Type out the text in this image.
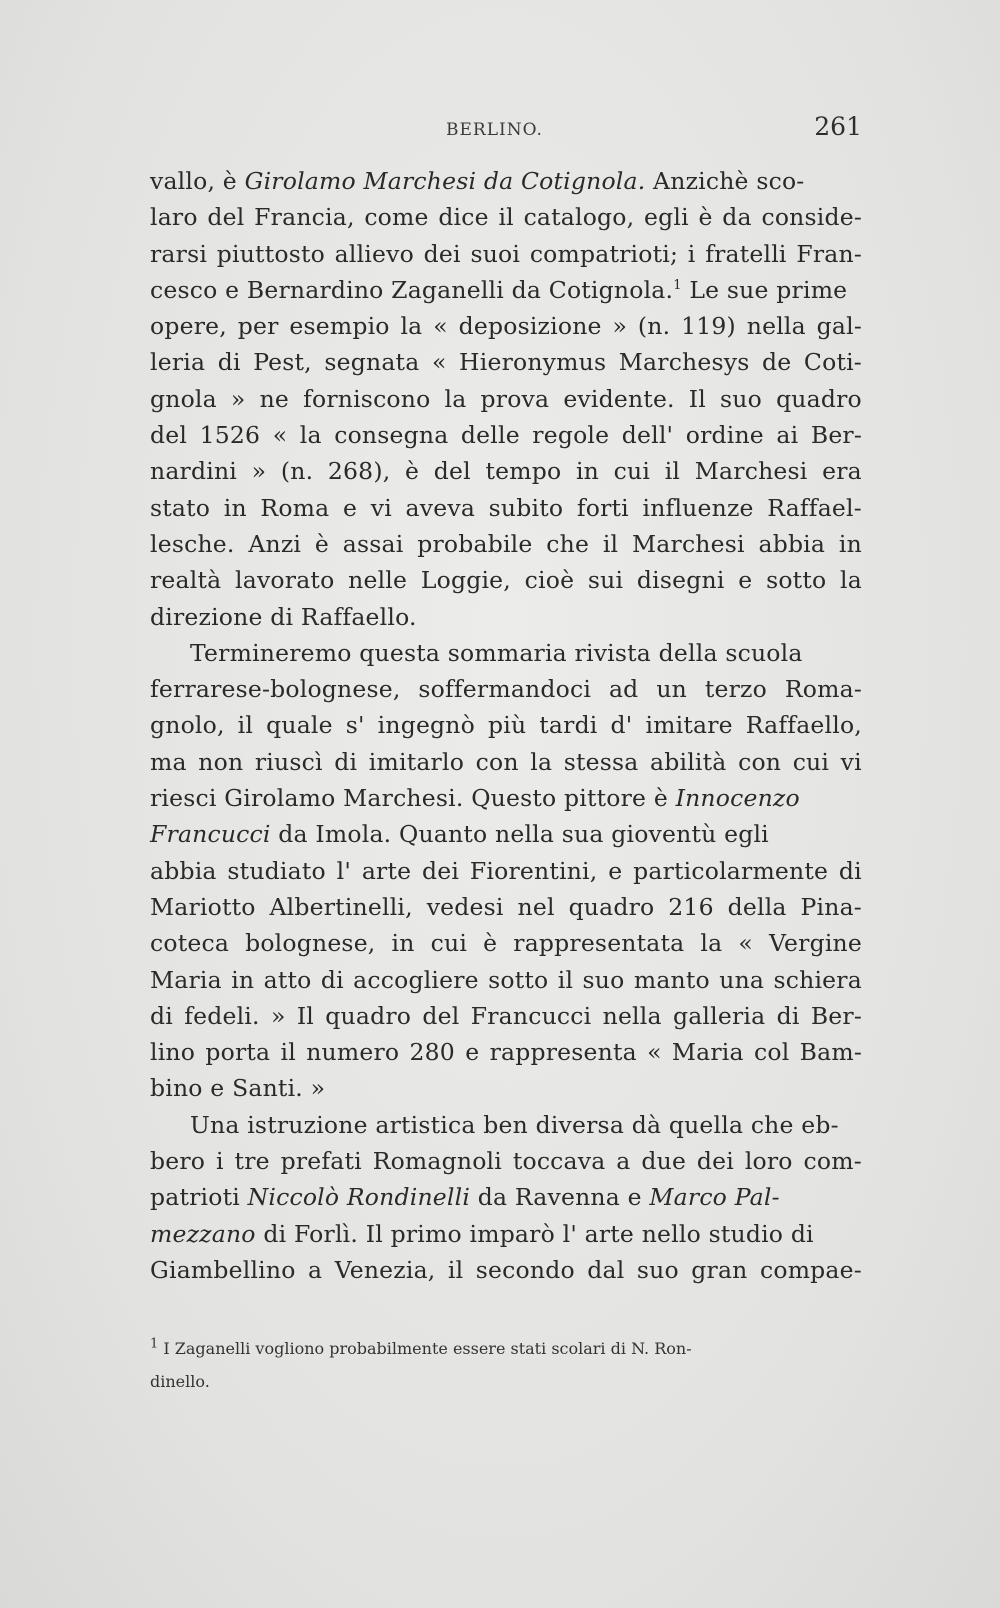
BERLINO.	261
vallo, è Girolamo Marchesi da Cotignola. Anzichè sco-
laro del Francia, come dice il catalogo, egli è da conside-
rarsi piuttosto allievo dei suoi compatrioti; i fratelli Fran-
cesco e Bernardino Zaganelli da Cotignola.$^1$ Le sue prime
opere, per esempio la « deposizione » (n. 119) nella gal-
leria di Pest, segnata « Hieronymus Marchesys de Coti-
gnola » ne forniscono la prova evidente. Il suo quadro
del 1526 « la consegna delle regole dell' ordine ai Ber-
nardini » (n. 268), è del tempo in cui il Marchesi era
stato in Roma e vi aveva subito forti influenze Raffael-
lesche. Anzi è assai probabile che il Marchesi abbia in
realtà lavorato nelle Loggie, cioè sui disegni e sotto la
direzione di Raffaello.
Termineremo questa sommaria rivista della scuola
ferrarese-bolognese, soffermandoci ad un terzo Roma-
gnolo, il quale s' ingegnò più tardi d' imitare Raffaello,
ma non riuscì di imitarlo con la stessa abilità con cui vi
riesci Girolamo Marchesi. Questo pittore è Innocenzo
Francucci da Imola. Quanto nella sua gioventù egli
abbia studiato l' arte dei Fiorentini, e particolarmente di
Mariotto Albertinelli, vedesi nel quadro 216 della Pina-
coteca bolognese, in cui è rappresentata la « Vergine
Maria in atto di accogliere sotto il suo manto una schiera
di fedeli. » Il quadro del Francucci nella galleria di Ber-
lino porta il numero 280 e rappresenta « Maria col Bam-
bino e Santi. »
Una istruzione artistica ben diversa dà quella che eb-
bero i tre prefati Romagnoli toccava a due dei loro com-
patrioti Niccolò Rondinelli da Ravenna e Marco Pal-
mezzano di Forlì. Il primo imparò l' arte nello studio di
Giambellino a Venezia, il secondo dal suo gran compae-
$^1$ I Zaganelli vogliono probabilmente essere stati scolari di N. Ron-
dinello.
